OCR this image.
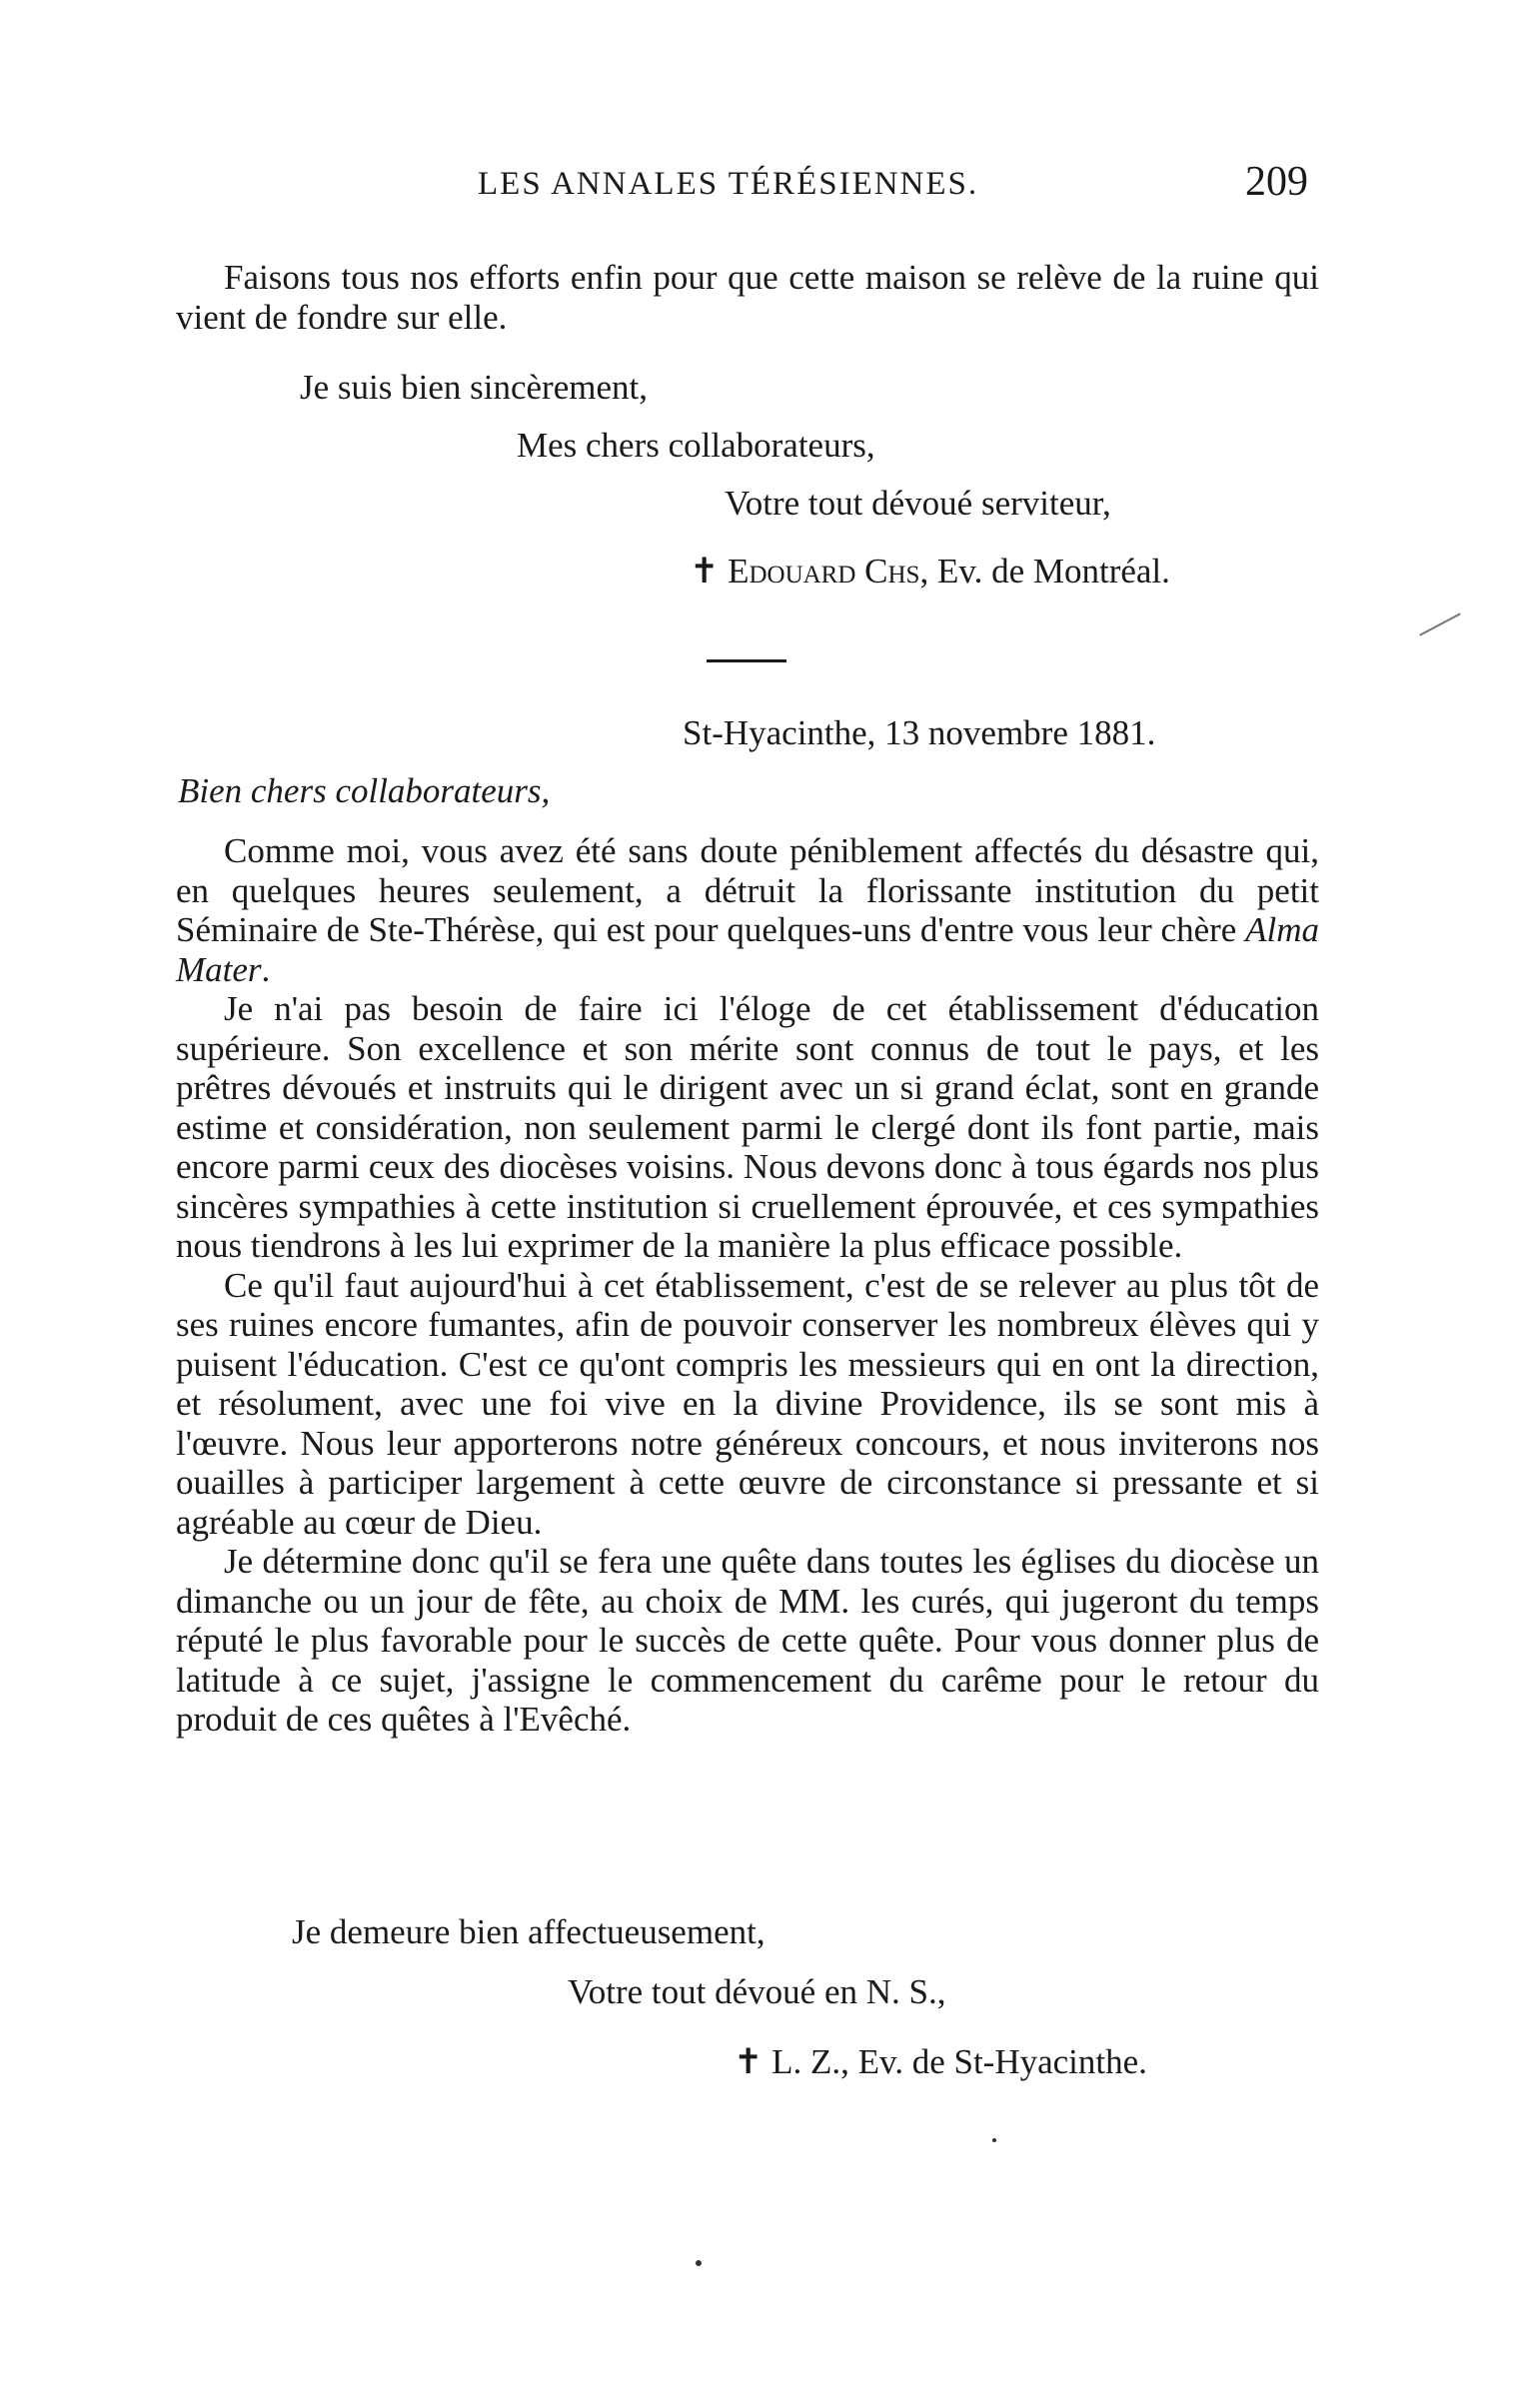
LES ANNALES TÉRÉSIENNES.	209

Faisons tous nos efforts enfin pour que cette maison se relève de la ruine qui vient de fondre sur elle.

Je suis bien sincèrement,
Mes chers collaborateurs,
Votre tout dévoué serviteur,
✝ Edouard Chs, Ev. de Montréal.
St-Hyacinthe, 13 novembre 1881.
Bien chers collaborateurs,

Comme moi, vous avez été sans doute péniblement affectés du désastre qui, en quelques heures seulement, a détruit la florissante institution du petit Séminaire de Ste-Thérèse, qui est pour quelques-uns d'entre vous leur chère Alma Mater.

Je n'ai pas besoin de faire ici l'éloge de cet établissement d'éducation supérieure. Son excellence et son mérite sont connus de tout le pays, et les prêtres dévoués et instruits qui le dirigent avec un si grand éclat, sont en grande estime et considération, non seulement parmi le clergé dont ils font partie, mais encore parmi ceux des diocèses voisins. Nous devons donc à tous égards nos plus sincères sympathies à cette institution si cruellement éprouvée, et ces sympathies nous tiendrons à les lui exprimer de la manière la plus efficace possible.

Ce qu'il faut aujourd'hui à cet établissement, c'est de se relever au plus tôt de ses ruines encore fumantes, afin de pouvoir conserver les nombreux élèves qui y puisent l'éducation. C'est ce qu'ont compris les messieurs qui en ont la direction, et résolument, avec une foi vive en la divine Providence, ils se sont mis à l'œuvre. Nous leur apporterons notre généreux concours, et nous inviterons nos ouailles à participer largement à cette œuvre de circonstance si pressante et si agréable au cœur de Dieu.

Je détermine donc qu'il se fera une quête dans toutes les églises du diocèse un dimanche ou un jour de fête, au choix de MM. les curés, qui jugeront du temps réputé le plus favorable pour le succès de cette quête. Pour vous donner plus de latitude à ce sujet, j'assigne le commencement du carême pour le retour du produit de ces quêtes à l'Evêché.

Je demeure bien affectueusement,
Votre tout dévoué en N. S.,
✝ L. Z., Ev. de St-Hyacinthe.
